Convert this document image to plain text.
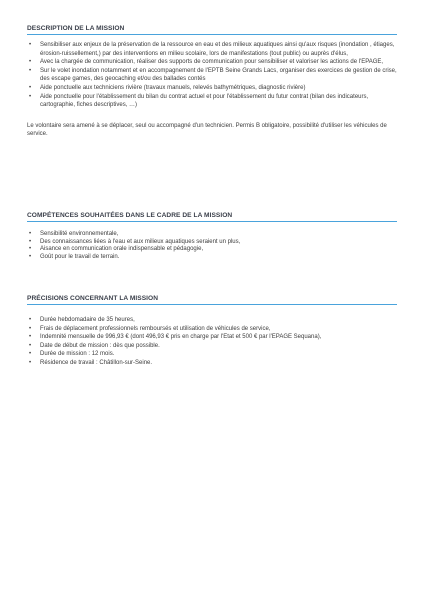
DESCRIPTION DE LA MISSION
• Sensibiliser aux enjeux de la préservation de la ressource en eau et des milieux aquatiques ainsi qu'aux risques (inondation , étiages, érosion-ruissellement,) par des interventions en milieu scolaire, lors de manifestations (tout public) ou auprès d'élus,
• Avec la chargée de communication, réaliser des supports de communication pour sensibiliser et valoriser les actions de l'EPAGE,
• Sur le volet inondation notamment et en accompagnement de l'EPTB Seine Grands Lacs, organiser des exercices de gestion de crise, des escape games, des geocaching et/ou des ballades contés
• Aide ponctuelle aux techniciens rivière (travaux manuels, relevés bathymétriques, diagnostic rivière)
• Aide ponctuelle pour l'établissement du bilan du contrat actuel et pour l'établissement du futur contrat (bilan des indicateurs, cartographie, fiches descriptives, …)

Le volontaire sera amené à se déplacer, seul ou accompagné d'un technicien. Permis B obligatoire, possibilité d'utiliser les véhicules de service.

COMPÉTENCES SOUHAITÉES DANS LE CADRE DE LA MISSION
• Sensibilité environnementale,
• Des connaissances liées à l'eau et aux milieux aquatiques seraient un plus,
• Aisance en communication orale indispensable et pédagogie,
• Goût pour le travail de terrain.
PRÉCISIONS CONCERNANT LA MISSION
• Durée hebdomadaire de 35 heures,
• Frais de déplacement professionnels remboursés et utilisation de véhicules de service,
• Indemnité mensuelle de 996,93 € (dont 496,93 € pris en charge par l'Etat et 500 € par l'EPAGE Sequana),
• Date de début de mission : dès que possible.
• Durée de mission : 12 mois.
• Résidence de travail : Châtillon-sur-Seine.
